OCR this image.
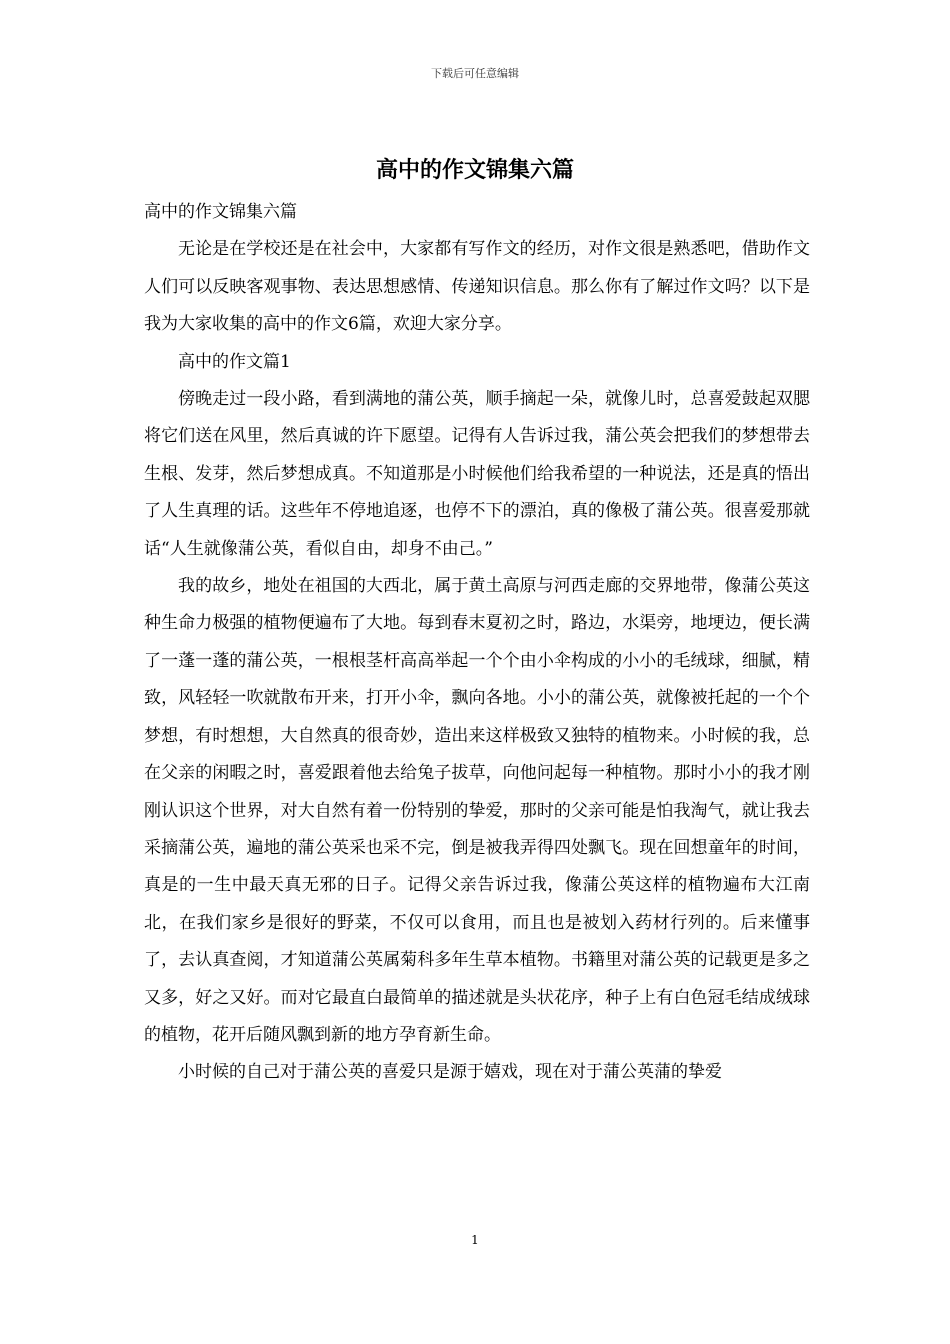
下载后可任意编辑
高中的作文锦集六篇

高中的作文锦集六篇

无论是在学校还是在社会中，大家都有写作文的经历，对作文很是熟悉吧，借助作文人们可以反映客观事物、表达思想感情、传递知识信息。那么你有了解过作文吗？以下是我为大家收集的高中的作文6篇，欢迎大家分享。

高中的作文篇1

傍晚走过一段小路，看到满地的蒲公英，顺手摘起一朵，就像儿时，总喜爱鼓起双腮将它们送在风里，然后真诚的许下愿望。记得有人告诉过我，蒲公英会把我们的梦想带去生根、发芽，然后梦想成真。不知道那是小时候他们给我希望的一种说法，还是真的悟出了人生真理的话。这些年不停地追逐，也停不下的漂泊，真的像极了蒲公英。很喜爱那就话“人生就像蒲公英，看似自由，却身不由己。”

我的故乡，地处在祖国的大西北，属于黄土高原与河西走廊的交界地带，像蒲公英这种生命力极强的植物便遍布了大地。每到春末夏初之时，路边，水渠旁，地埂边，便长满了一蓬一蓬的蒲公英，一根根茎杆高高举起一个个由小伞构成的小小的毛绒球，细腻，精致，风轻轻一吹就散布开来，打开小伞，飘向各地。小小的蒲公英，就像被托起的一个个梦想，有时想想，大自然真的很奇妙，造出来这样极致又独特的植物来。小时候的我，总在父亲的闲暇之时，喜爱跟着他去给兔子拔草，向他问起每一种植物。那时小小的我才刚刚认识这个世界，对大自然有着一份特别的挚爱，那时的父亲可能是怕我淘气，就让我去采摘蒲公英，遍地的蒲公英采也采不完，倒是被我弄得四处飘飞。现在回想童年的时间，真是的一生中最天真无邪的日子。记得父亲告诉过我，像蒲公英这样的植物遍布大江南北，在我们家乡是很好的野菜，不仅可以食用，而且也是被划入药材行列的。后来懂事了，去认真查阅，才知道蒲公英属菊科多年生草本植物。书籍里对蒲公英的记载更是多之又多，好之又好。而对它最直白最简单的描述就是头状花序，种子上有白色冠毛结成绒球的植物，花开后随风飘到新的地方孕育新生命。

小时候的自己对于蒲公英的喜爱只是源于嬉戏，现在对于蒲公英蒲的挚爱

1
